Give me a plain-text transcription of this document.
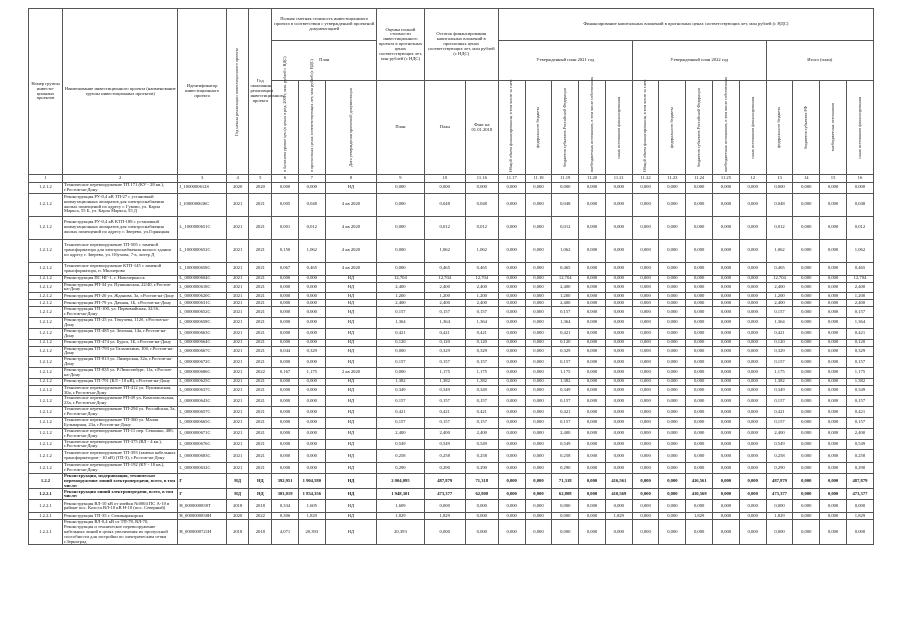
Номер группы инвести-ционных проектов	Наименование инвестиционного проекта (наименование группы инвестиционных проектов)	Идентификатор инвестиционного проекта	Год начала реализации инвестиционного проекта	Год окончания реализации инвестиционного проекта	Полная сметная стоимость инвестиционного проекта в соответствии с утвержденной проектной документацией			Оценка полной стоимости инвестиционного проекта в прогнозных ценах соответствующих лет, млн рублей (с НДС)	Остаток финансирования капитальных вложений в прогнозных ценах соответствующих лет, млн рублей (с НДС)		Финансирование капитальных вложений в прогнозных ценах соответствующих лет, млн рублей (с НДС)													
					План						Утвержденный план 2021 год					Утвержденный план 2022 год					Итого (план)			

					в базисном уровне цен (в ценах в ред. 2001г, млн. рублей с НДС)	в прогнозных ценах соответствующих лет, млн рублей (с НДС)	Дата утверждения проектной документации	План	План	Факт на 01.01.2018	Общий объем финансирования, в том числе за счет:	федерального бюджета	бюджетов субъектов Российской Федерации	внебюджетных источников, в том числе собственных	иных источников финансирования	Общий объем финансирования, в том числе за счет:	федерального бюджета	бюджетов субъектов Российской Федерации	внебюджетных источников, в том числе собственных	иных источников финансирования	федерального бюджета	бюджетов субъектов РФ	внебюджетных источников	иных источников финансирования

1	2	3	4	5	6	7	8	9	10	11.16	11.17	11.18	11.19	11.20	11.21	11.22	11.23	11.24	11.25	12	13	14	15	16
1.2.1.2	Техническое перевооружение ТП 171 (КУ - 28 кв.), г.Ростов-на-Дону	J_1000000612S	2020	2020	0,000	0,000	НД	0,000	0,000	0,000	0,000	0,000	0,000	0,000	0,000	0,000	0,000	0,000	0,000	0,000	0,000	0,000	0,000	0,000
1.2.1.2	Реконструкция РУ-0,4 кВ ТП-27 с установкой коммутационных аппаратов для электроснабжения жилых помещений по адресу г. Гуково, ул. Карла Маркса, 55 Б, ул. Карла Маркса, 55 Д	I_1000000636С	2021	2021	0,005	0,048	4 кв 2020	0,000	0,048	0,048	0,000	0,000	0,048	0,000	0,000	0,000	0,000	0,000	0,000	0,000	0,048	0,000	0,000	0,048
1.2.1.2	Реконструкция РУ-0,4 кВ КТП-188 с установкой коммутационных аппаратов для электроснабжения жилых помещений по адресу г. Зверево, ул.Горняцкая	L_1000000651С	2021	2021	0,001	0,012	4 кв 2020	0,000	0,012	0,012	0,000	0,000	0,012	0,000	0,000	0,000	0,000	0,000	0,000	0,000	0,012	0,000	0,000	0,012
1.2.1.2	Техническое перевооружение ТП-505 с заменой трансформатора для электроснабжения жилого здания по адресу г. Зверево, ул. Обухова, 7-а, литер Д	L_1000000652С	2021	2021	0,150	1,062	4 кв 2020	0,000	1,062	1,062	0,000	0,000	1,062	0,000	0,000	0,000	0,000	0,000	0,000	0,000	1,062	0,000	0,000	1,062
1.2.1.2	Техническое перевооружение КТП-145 с заменой трансформатора, п. Миллерово	L_1000000658С	2021	2021	0,067	0,465	4 кв 2020	0,000	0,465	0,465	0,000	0,000	0,465	0,000	0,000	0,000	0,000	0,000	0,000	0,000	0,465	0,000	0,000	0,465
1.2.1.2	Реконструкция ПС НГ-1, г. Новочеркасск	L_0000000604С	2021	2021	0,000	0,000	НД	12,704	12,704	12,704	0,000	0,000	12,704	0,000	0,000	0,000	0,000	0,000	0,000	0,000	12,704	0,000	0,000	12,704
1.2.1.2	Реконструкция РП-34 ул. Пушкинская, 22/40, г.Ростов-на-Дону	L_0000000618С	2021	2021	0,000	0,000	НД	2,400	2,400	2,400	0,000	0,000	2,400	0,000	0,000	0,000	0,000	0,000	0,000	0,000	2,400	0,000	0,000	2,400
1.2.1.2	Реконструкция РП-20 ул. Жданова, 3а, г.Ростов-на-Дону	L_0000000620С	2021	2021	0,000	0,000	НД	1,200	1,200	1,200	0,000	0,000	1,200	0,000	0,000	0,000	0,000	0,000	0,000	0,000	1,200	0,000	0,000	1,200
1.2.1.2	Реконструкция РП-79 ул. Дачная, 1Б, г.Ростов-на-Дону	L_0000000631С	2021	2021	0,000	0,000	НД	2,400	2,400	2,400	0,000	0,000	2,400	0,000	0,000	0,000	0,000	0,000	0,000	0,000	2,400	0,000	0,000	2,400
1.2.1.2	Реконструкция ТП-100, ул. Первомайская, 32/16, г.Ростов-на-Дону	L_0000000652С	2021	2021	0,000	0,000	НД	0,157	0,157	0,157	0,000	0,000	0,157	0,000	0,000	0,000	0,000	0,000	0,000	0,000	0,157	0,000	0,000	0,157
1.2.1.2	Реконструкция ТП-25 ул. Текучева, 112б, г.Ростов-на-Дону	L_0000000658С	2021	2021	0,000	0,000	НД	1,364	1,364	1,364	0,000	0,000	1,364	0,000	0,000	0,000	0,000	0,000	0,000	0,000	1,364	0,000	0,000	1,364
1.2.1.2	Реконструкция ТП-485 ул. Зеленая, 14а, г.Ростов-на-Дону	L_0000000663С	2021	2021	0,000	0,000	НД	0,421	0,421	0,421	0,000	0,000	0,421	0,000	0,000	0,000	0,000	0,000	0,000	0,000	0,421	0,000	0,000	0,421
1.2.1.2	Реконструкция ТП-474 ул. Бурса, 1Б, г.Ростов-на-Дону	L_0000000664С	2021	2021	0,000	0,000	НД	0,120	0,120	0,120	0,000	0,000	0,120	0,000	0,000	0,000	0,000	0,000	0,000	0,000	0,120	0,000	0,000	0,120
1.2.1.2	Реконструкция ТП-793 ул.Талалихина, 10б, г.Ростов-на-Дону	L_0000000667С	2021	2021	0,044	0,329	НД	0,000	0,329	0,329	0,000	0,000	0,329	0,000	0,000	0,000	0,000	0,000	0,000	0,000	0,329	0,000	0,000	0,329
1.2.1.2	Реконструкция ТП-813 ул. Лимерская, 32а, г.Ростов-на-Дону	L_0000000672С	2021	2021	0,000	0,000	НД	0,157	0,157	0,157	0,000	0,000	0,157	0,000	0,000	0,000	0,000	0,000	0,000	0,000	0,157	0,000	0,000	0,157
1.2.1.2	Реконструкция ТП-835 ул. Р.Люксембург, 11а, г.Ростов-на-Дону	L_0000000686С	2021	2022	0,167	1,175	2 кв 2020	0,000	1,175	1,175	0,000	0,000	1,175	0,000	0,000	0,000	0,000	0,000	0,000	0,000	1,175	0,000	0,000	1,175
1.2.1.2	Реконструкция ТП-791 (КЛ - 10 кВ), г.Ростов-на-Дону	L_0000000625С	2021	2021	0,000	0,000	НД	1,382	1,382	1,382	0,000	0,000	1,382	0,000	0,000	0,000	0,000	0,000	0,000	0,000	1,382	0,000	0,000	1,382
1.2.1.2	Техническое перевооружение ТП-412 ул. Пушкинская, 30а, г.Ростов-на-Дону	L_0000000637С	2021	2021	0,000	0,000	НД	0,349	0,349	0,349	0,000	0,000	0,349	0,000	0,000	0,000	0,000	0,000	0,000	0,000	0,349	0,000	0,000	0,349
1.2.1.2	Техническое перевооружение РП-49 ул. Комсомольская, 23а, г.Ростов-на-Дону	L_0000000643С	2021	2021	0,000	0,000	НД	0,157	0,157	0,157	0,000	0,000	0,157	0,000	0,000	0,000	0,000	0,000	0,000	0,000	0,157	0,000	0,000	0,157
1.2.1.2	Техническое перевооружение ТП-294 ул. Российская, 5а, г.Ростов-на-Дону	L_0000000657С	2021	2021	0,000	0,000	НД	0,421	0,421	0,421	0,000	0,000	0,421	0,000	0,000	0,000	0,000	0,000	0,000	0,000	0,421	0,000	0,000	0,421
1.2.1.2	Техническое перевооружение ТП-360 ул. Малая Бульварная, 23а, г.Ростов-на-Дону	L_0000000665С	2021	2021	0,000	0,000	НД	0,157	0,157	0,157	0,000	0,000	0,157	0,000	0,000	0,000	0,000	0,000	0,000	0,000	0,157	0,000	0,000	0,157
1.2.1.2	Техническое перевооружение ТП-11 пер. Семашко, 48б, г.Ростов-на-Дону	L_0000000671С	2021	2021	0,000	0,000	НД	2,400	2,400	2,400	0,000	0,000	2,400	0,000	0,000	0,000	0,000	0,000	0,000	0,000	2,400	0,000	0,000	2,400
1.2.1.2	Техническое перевооружение ТП-375 (ВЛ - 4 кв.), г.Ростов-на-Дону	L_0000000676С	2021	2021	0,000	0,000	НД	0,549	0,549	0,549	0,000	0,000	0,549	0,000	0,000	0,000	0,000	0,000	0,000	0,000	0,549	0,000	0,000	0,549
1.2.1.2	Техническое перевооружение ТП-393 (замена кабельных трансформаторов - 10 кВ) (ТП-3), г.Ростов-на-Дону	L_0000000683С	2021	2021	0,000	0,000	НД	0,258	0,258	0,258	0,000	0,000	0,258	0,000	0,000	0,000	0,000	0,000	0,000	0,000	0,258	0,000	0,000	0,258
1.2.1.2	Техническое перевооружение ТП-192 (КУ - 10 кв.), г.Ростов-на-Дону	L_0000000632С	2021	2021	0,000	0,000	НД	0,290	0,290	0,290	0,000	0,000	0,290	0,000	0,000	0,000	0,000	0,000	0,000	0,000	0,290	0,000	0,000	0,290
1.2.2	Реконструкция, модернизация, техническое перевооружение линий электропередачи, всего, в том числе:	Г	НД	НД	392,951	1 904,580	НД	2 004,095	487,879	71,318	0,000	0,000	71,318	0,000	416,561	0,000	0,000	416,561	0,000	0,000	487,879	0,000	0,000	487,879
1.2.2.1	Реконструкция линий электропередачи, всего, в том числе:	Г	НД	НД	303,019	1 834,356	НД	1 948,301	473,377	62,808	0,000	0,000	62,808	0,000	410,569	0,000	0,000	410,569	0,000	0,000	473,377	0,000	0,000	473,377
1.2.2.1	Реконструкция ВЛ-10 кВ от ячейки №0004 ПС А-10 в районе пос. Колоса ВЛ-10 кВ Н-10 (пос. Северный)	Н_0000000839Т	2018	2018	0,334	1,605	НД	1,609	0,000	0,000	0,000	0,000	0,000	0,000	0,000	0,000	0,000	0,000	0,000	0,000	0,000	0,000	0,000	0,000
1.2.2.1	Реконструкция ТП-35 г. Семикаракорска	Н_0000000830Н	2020	2022	0,306	1,829	НД	1,829	1,829	0,000	0,000	0,000	0,000	0,000	1,829	0,000	0,000	1,829	0,000	0,000	1,829	0,000	0,000	1,829
1.2.2.1	Реконструкция ВЛ-0,4 кВ от ТП-78, ВЛ-70, Реконструкция и техническое перевооружение кабельных линий в целях увеличения их пропускной способности для застройки по электрическим сетям г.Зерноград	Н_0000000721Н	2018	2018	4,071	20,393	НД	20,393	0,000	0,000	0,000	0,000	0,000	0,000	0,000	0,000	0,000	0,000	0,000	0,000	0,000	0,000	0,000	0,000
